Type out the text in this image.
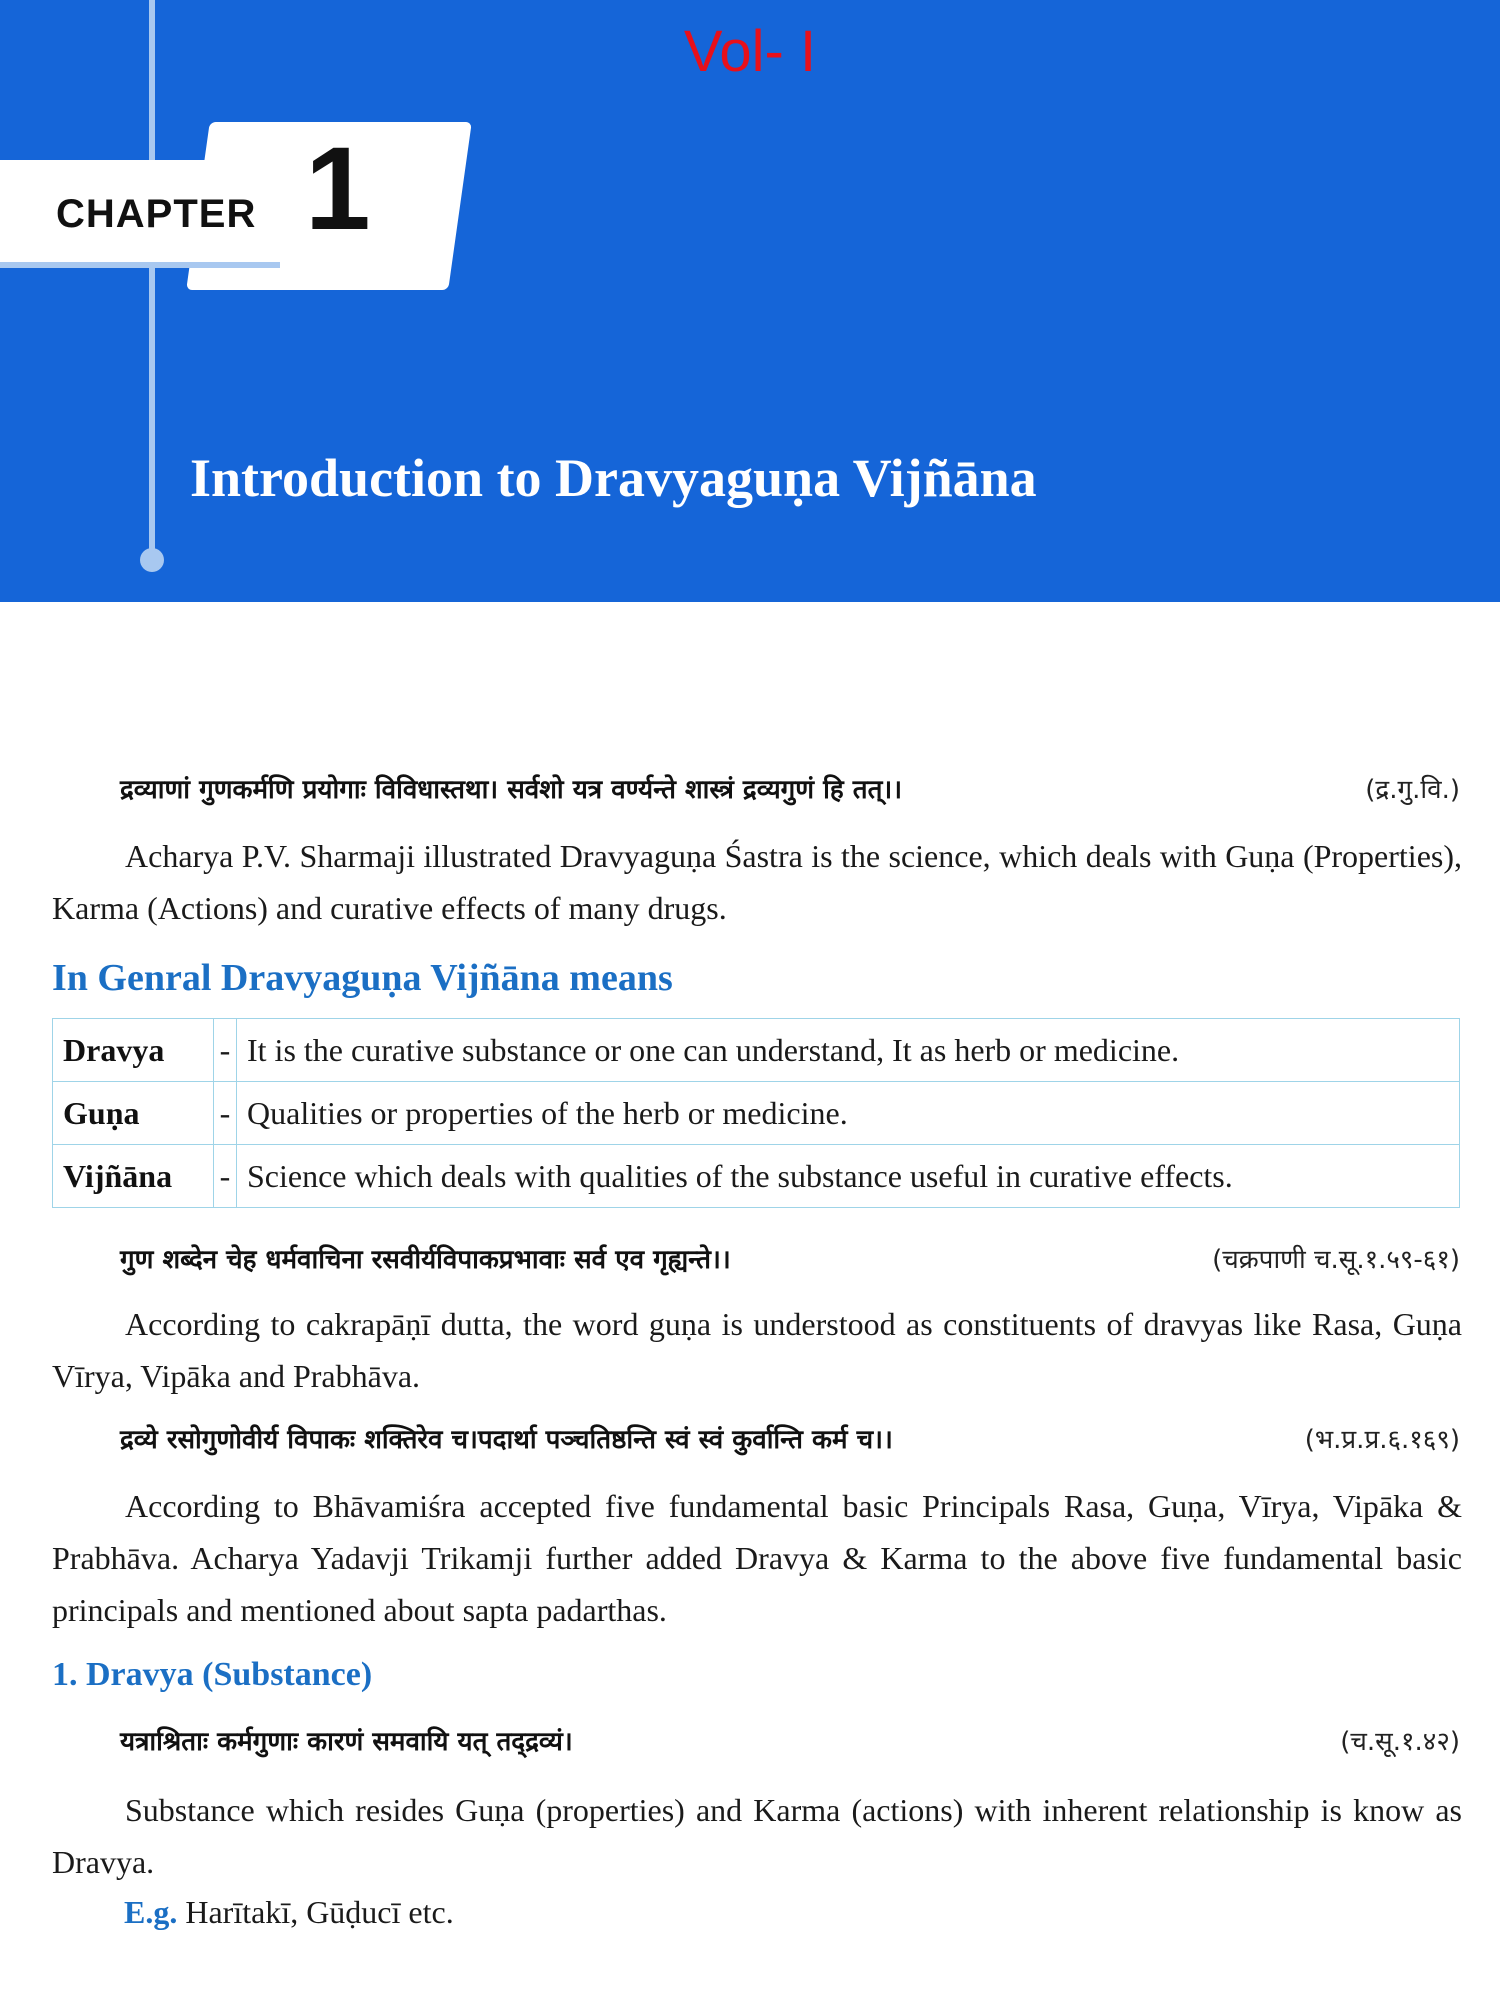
CHAPTER 1
Vol- I
Introduction to Dravyaguṇa Vijñāna
द्रव्याणां गुणकर्मणि प्रयोगाः विविधास्तथा। सर्वशो यत्र वर्ण्यन्ते शास्त्रं द्रव्यगुणं हि तत्।।	(द्र.गु.वि.)
Acharya P.V. Sharmaji illustrated Dravyaguṇa Śastra is the science, which deals with Guṇa (Properties), Karma (Actions) and curative effects of many drugs.
In Genral Dravyaguṇa Vijñāna means
Dravya	-	It is the curative substance or one can understand, It as herb or medicine.
Guṇa	-	Qualities or properties of the herb or medicine.
Vijñāna	-	Science which deals with qualities of the substance useful in curative effects.
गुण शब्देन चेह धर्मवाचिना रसवीर्यविपाकप्रभावाः सर्व एव गृह्यन्ते।।	(चक्रपाणी च.सू.१.५९-६१)
According to cakrapāṇī dutta, the word guṇa is understood as constituents of dravyas like Rasa, Guṇa Vīrya, Vipāka and Prabhāva.
द्रव्ये रसोगुणोवीर्य विपाकः शक्तिरेव च।पदार्था पञ्चतिष्ठन्ति स्वं स्वं कुर्वान्ति कर्म च।।	(भ.प्र.प्र.६.१६९)
According to Bhāvamiśra accepted five fundamental basic Principals Rasa, Guṇa, Vīrya, Vipāka & Prabhāva. Acharya Yadavji Trikamji further added Dravya & Karma to the above five fundamental basic principals and mentioned about sapta padarthas.
1. Dravya (Substance)
यत्राश्रिताः कर्मगुणाः कारणं समवायि यत् तद्द्रव्यं।	(च.सू.१.४२)
Substance which resides Guṇa (properties) and Karma (actions) with inherent relationship is know as Dravya.
E.g. Harītakī, Gūḍucī etc.
